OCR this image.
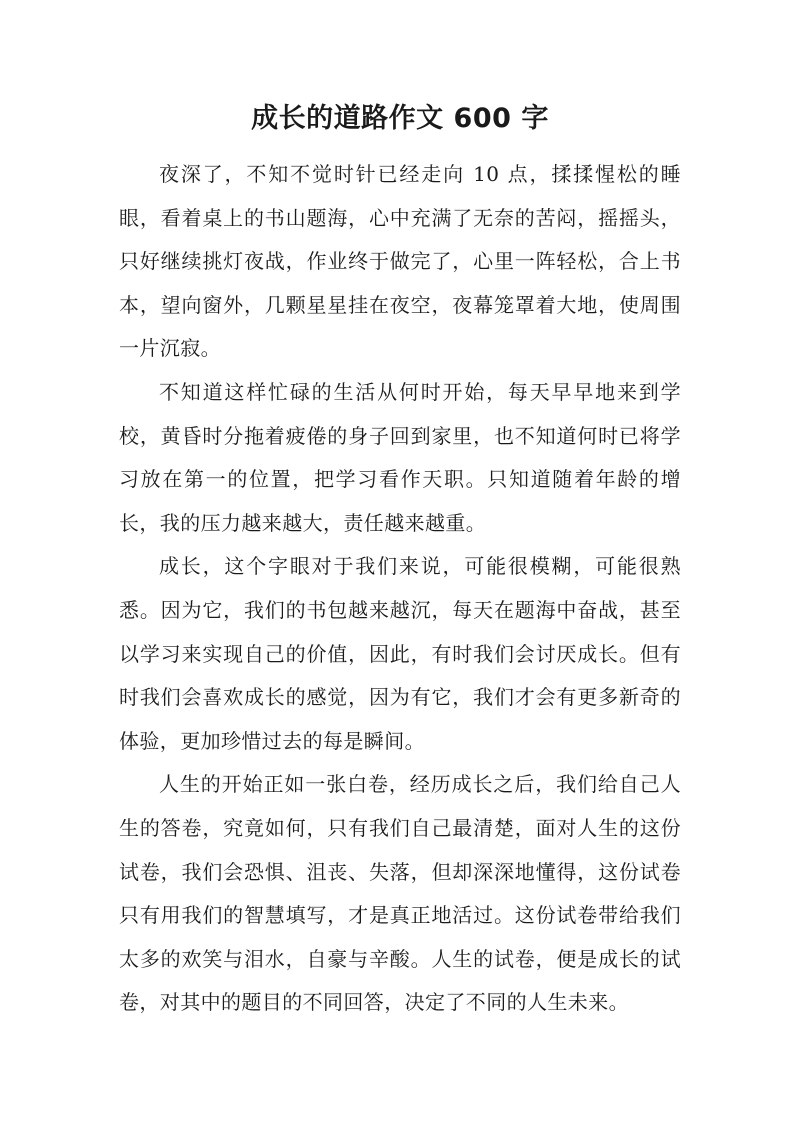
成长的道路作文 600 字

夜深了，不知不觉时针已经走向 10 点，揉揉惺松的睡眼，看着桌上的书山题海，心中充满了无奈的苦闷，摇摇头，只好继续挑灯夜战，作业终于做完了，心里一阵轻松，合上书本，望向窗外，几颗星星挂在夜空，夜幕笼罩着大地，使周围一片沉寂。

不知道这样忙碌的生活从何时开始，每天早早地来到学校，黄昏时分拖着疲倦的身子回到家里，也不知道何时已将学习放在第一的位置，把学习看作天职。只知道随着年龄的增长，我的压力越来越大，责任越来越重。

成长，这个字眼对于我们来说，可能很模糊，可能很熟悉。因为它，我们的书包越来越沉，每天在题海中奋战，甚至以学习来实现自己的价值，因此，有时我们会讨厌成长。但有时我们会喜欢成长的感觉，因为有它，我们才会有更多新奇的体验，更加珍惜过去的每是瞬间。

人生的开始正如一张白卷，经历成长之后，我们给自己人生的答卷，究竟如何，只有我们自己最清楚，面对人生的这份试卷，我们会恐惧、沮丧、失落，但却深深地懂得，这份试卷只有用我们的智慧填写，才是真正地活过。这份试卷带给我们太多的欢笑与泪水，自豪与辛酸。人生的试卷，便是成长的试卷，对其中的题目的不同回答，决定了不同的人生未来。
